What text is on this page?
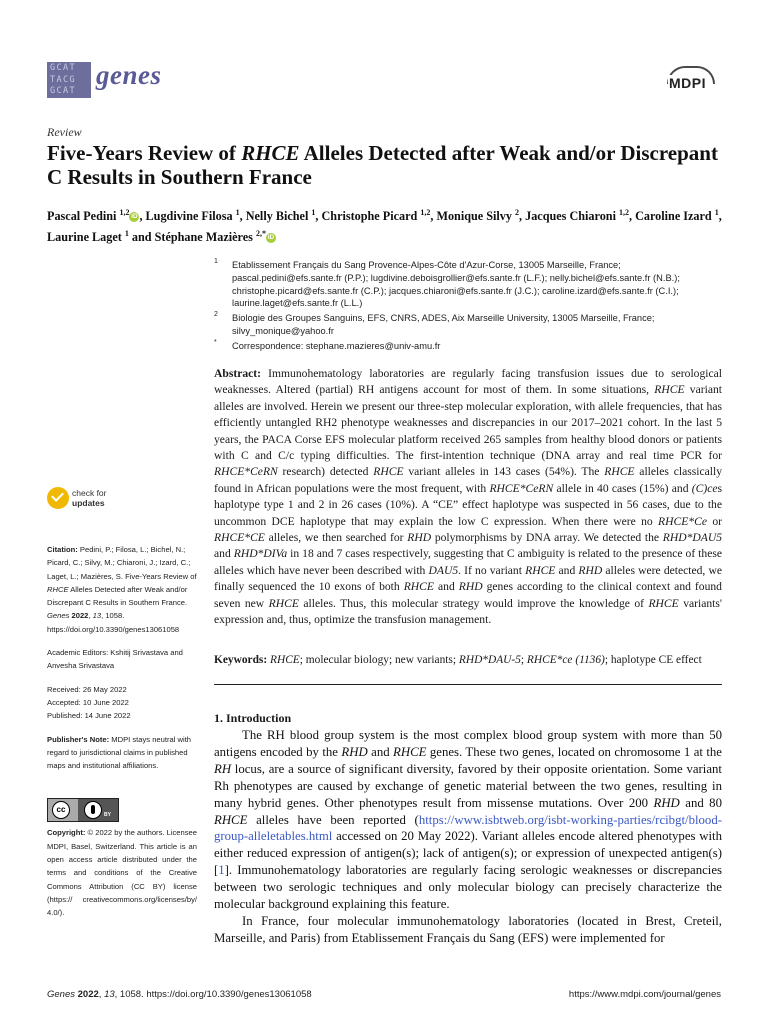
GCAT
TACG
GCAT
genes	MDPI
Review
Five-Years Review of RHCE Alleles Detected after Weak and/or Discrepant C Results in Southern France
Pascal Pedini $^{1,2}$ iD , Lugdivine Filosa $^1$, Nelly Bichel $^1$, Christophe Picard $^{1,2}$, Monique Silvy $^2$, Jacques Chiaroni $^{1,2}$, Caroline Izard $^1$, Laurine Laget $^1$ and Stéphane Mazières $^{2,*}$ iD
1 Etablissement Français du Sang Provence-Alpes-Côte d'Azur-Corse, 13005 Marseille, France; pascal.pedini@efs.sante.fr (P.P.); lugdivine.deboisgrollier@efs.sante.fr (L.F.); nelly.bichel@efs.sante.fr (N.B.); christophe.picard@efs.sante.fr (C.P.); jacques.chiaroni@efs.sante.fr (J.C.); caroline.izard@efs.sante.fr (C.I.); laurine.laget@efs.sante.fr (L.L.)
2 Biologie des Groupes Sanguins, EFS, CNRS, ADES, Aix Marseille University, 13005 Marseille, France; silvy_monique@yahoo.fr
* Correspondence: stephane.mazieres@univ-amu.fr
Abstract: Immunohematology laboratories are regularly facing transfusion issues due to serological weaknesses. Altered (partial) RH antigens account for most of them. In some situations, RHCE variant alleles are involved. Herein we present our three-step molecular exploration, with allele frequencies, that has efficiently untangled RH2 phenotype weaknesses and discrepancies in our 2017–2021 cohort. In the last 5 years, the PACA Corse EFS molecular platform received 265 samples from healthy blood donors or patients with C and C/c typing difficulties. The first-intention technique (DNA array and real time PCR for RHCE*CeRN research) detected RHCE variant alleles in 143 cases (54%). The RHCE alleles classically found in African populations were the most frequent, with RHCE*CeRN allele in 40 cases (15%) and (C)ces haplotype type 1 and 2 in 26 cases (10%). A “CE” effect haplotype was suspected in 56 cases, due to the uncommon DCE haplotype that may explain the low C expression. When there were no RHCE*Ce or RHCE*CE alleles, we then searched for RHD polymorphisms by DNA array. We detected the RHD*DAU5 and RHD*DIVa in 18 and 7 cases respectively, suggesting that C ambiguity is related to the presence of these alleles which have never been described with DAU5. If no variant RHCE and RHD alleles were detected, we finally sequenced the 10 exons of both RHCE and RHD genes according to the clinical context and found seven new RHCE alleles. Thus, this molecular strategy would improve the knowledge of RHCE variants' expression and, thus, optimize the transfusion management.
Keywords: RHCE; molecular biology; new variants; RHD*DAU-5; RHCE*ce (1136); haplotype CE effect
1. Introduction

The RH blood group system is the most complex blood group system with more than 50 antigens encoded by the RHD and RHCE genes. These two genes, located on chromosome 1 at the RH locus, are a source of significant diversity, favored by their opposite orientation. Some variant Rh phenotypes are caused by exchange of genetic material between the two genes, resulting in many hybrid genes. Other phenotypes result from missense mutations. Over 200 RHD and 80 RHCE alleles have been reported (https://www.isbtweb.org/isbt-working-parties/rcibgt/blood-group-alleletables.html accessed on 20 May 2022). Variant alleles encode altered phenotypes with either reduced expression of antigen(s); lack of antigen(s); or expression of unexpected antigen(s) [1]. Immunohematology laboratories are regularly facing serologic weaknesses or discrepancies between two serologic techniques and only molecular biology can precisely characterize the molecular background explaining this feature.

In France, four molecular immunohematology laboratories (located in Brest, Creteil, Marseille, and Paris) from Etablissement Français du Sang (EFS) were implemented for

check for
updates
Citation: Pedini, P.; Filosa, L.; Bichel, N.; Picard, C.; Silvy, M.; Chiaroni, J.; Izard, C.; Laget, L.; Mazières, S. Five-Years Review of RHCE Alleles Detected after Weak and/or Discrepant C Results in Southern France. Genes 2022, 13, 1058. https://doi.org/10.3390/genes13061058
Academic Editors: Kshitij Srivastava and Anvesha Srivastava
Received: 26 May 2022
Accepted: 10 June 2022
Published: 14 June 2022
Publisher's Note: MDPI stays neutral with regard to jurisdictional claims in published maps and institutional affiliations.
Copyright: © 2022 by the authors. Licensee MDPI, Basel, Switzerland. This article is an open access article distributed under the terms and conditions of the Creative Commons Attribution (CC BY) license (https:// creativecommons.org/licenses/by/ 4.0/).
cc
BY
Genes 2022, 13, 1058. https://doi.org/10.3390/genes13061058	https://www.mdpi.com/journal/genes
